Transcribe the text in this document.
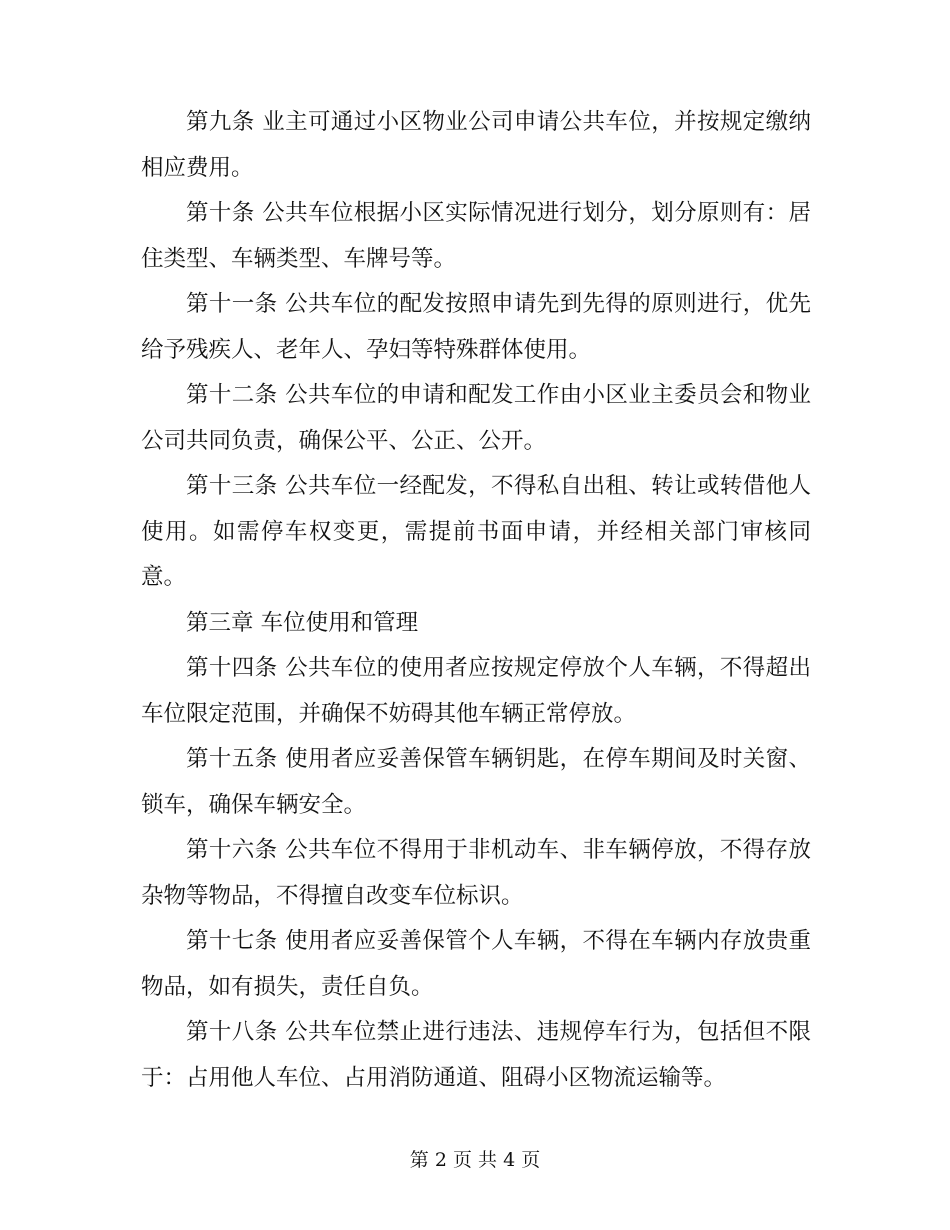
第九条 业主可通过小区物业公司申请公共车位，并按规定缴纳相应费用。

第十条 公共车位根据小区实际情况进行划分，划分原则有：居住类型、车辆类型、车牌号等。

第十一条 公共车位的配发按照申请先到先得的原则进行，优先给予残疾人、老年人、孕妇等特殊群体使用。

第十二条 公共车位的申请和配发工作由小区业主委员会和物业公司共同负责，确保公平、公正、公开。

第十三条 公共车位一经配发，不得私自出租、转让或转借他人使用。如需停车权变更，需提前书面申请，并经相关部门审核同意。

第三章 车位使用和管理

第十四条 公共车位的使用者应按规定停放个人车辆，不得超出车位限定范围，并确保不妨碍其他车辆正常停放。

第十五条 使用者应妥善保管车辆钥匙，在停车期间及时关窗、锁车，确保车辆安全。

第十六条 公共车位不得用于非机动车、非车辆停放，不得存放杂物等物品，不得擅自改变车位标识。

第十七条 使用者应妥善保管个人车辆，不得在车辆内存放贵重物品，如有损失，责任自负。

第十八条 公共车位禁止进行违法、违规停车行为，包括但不限于：占用他人车位、占用消防通道、阻碍小区物流运输等。

第 2 页 共 4 页
